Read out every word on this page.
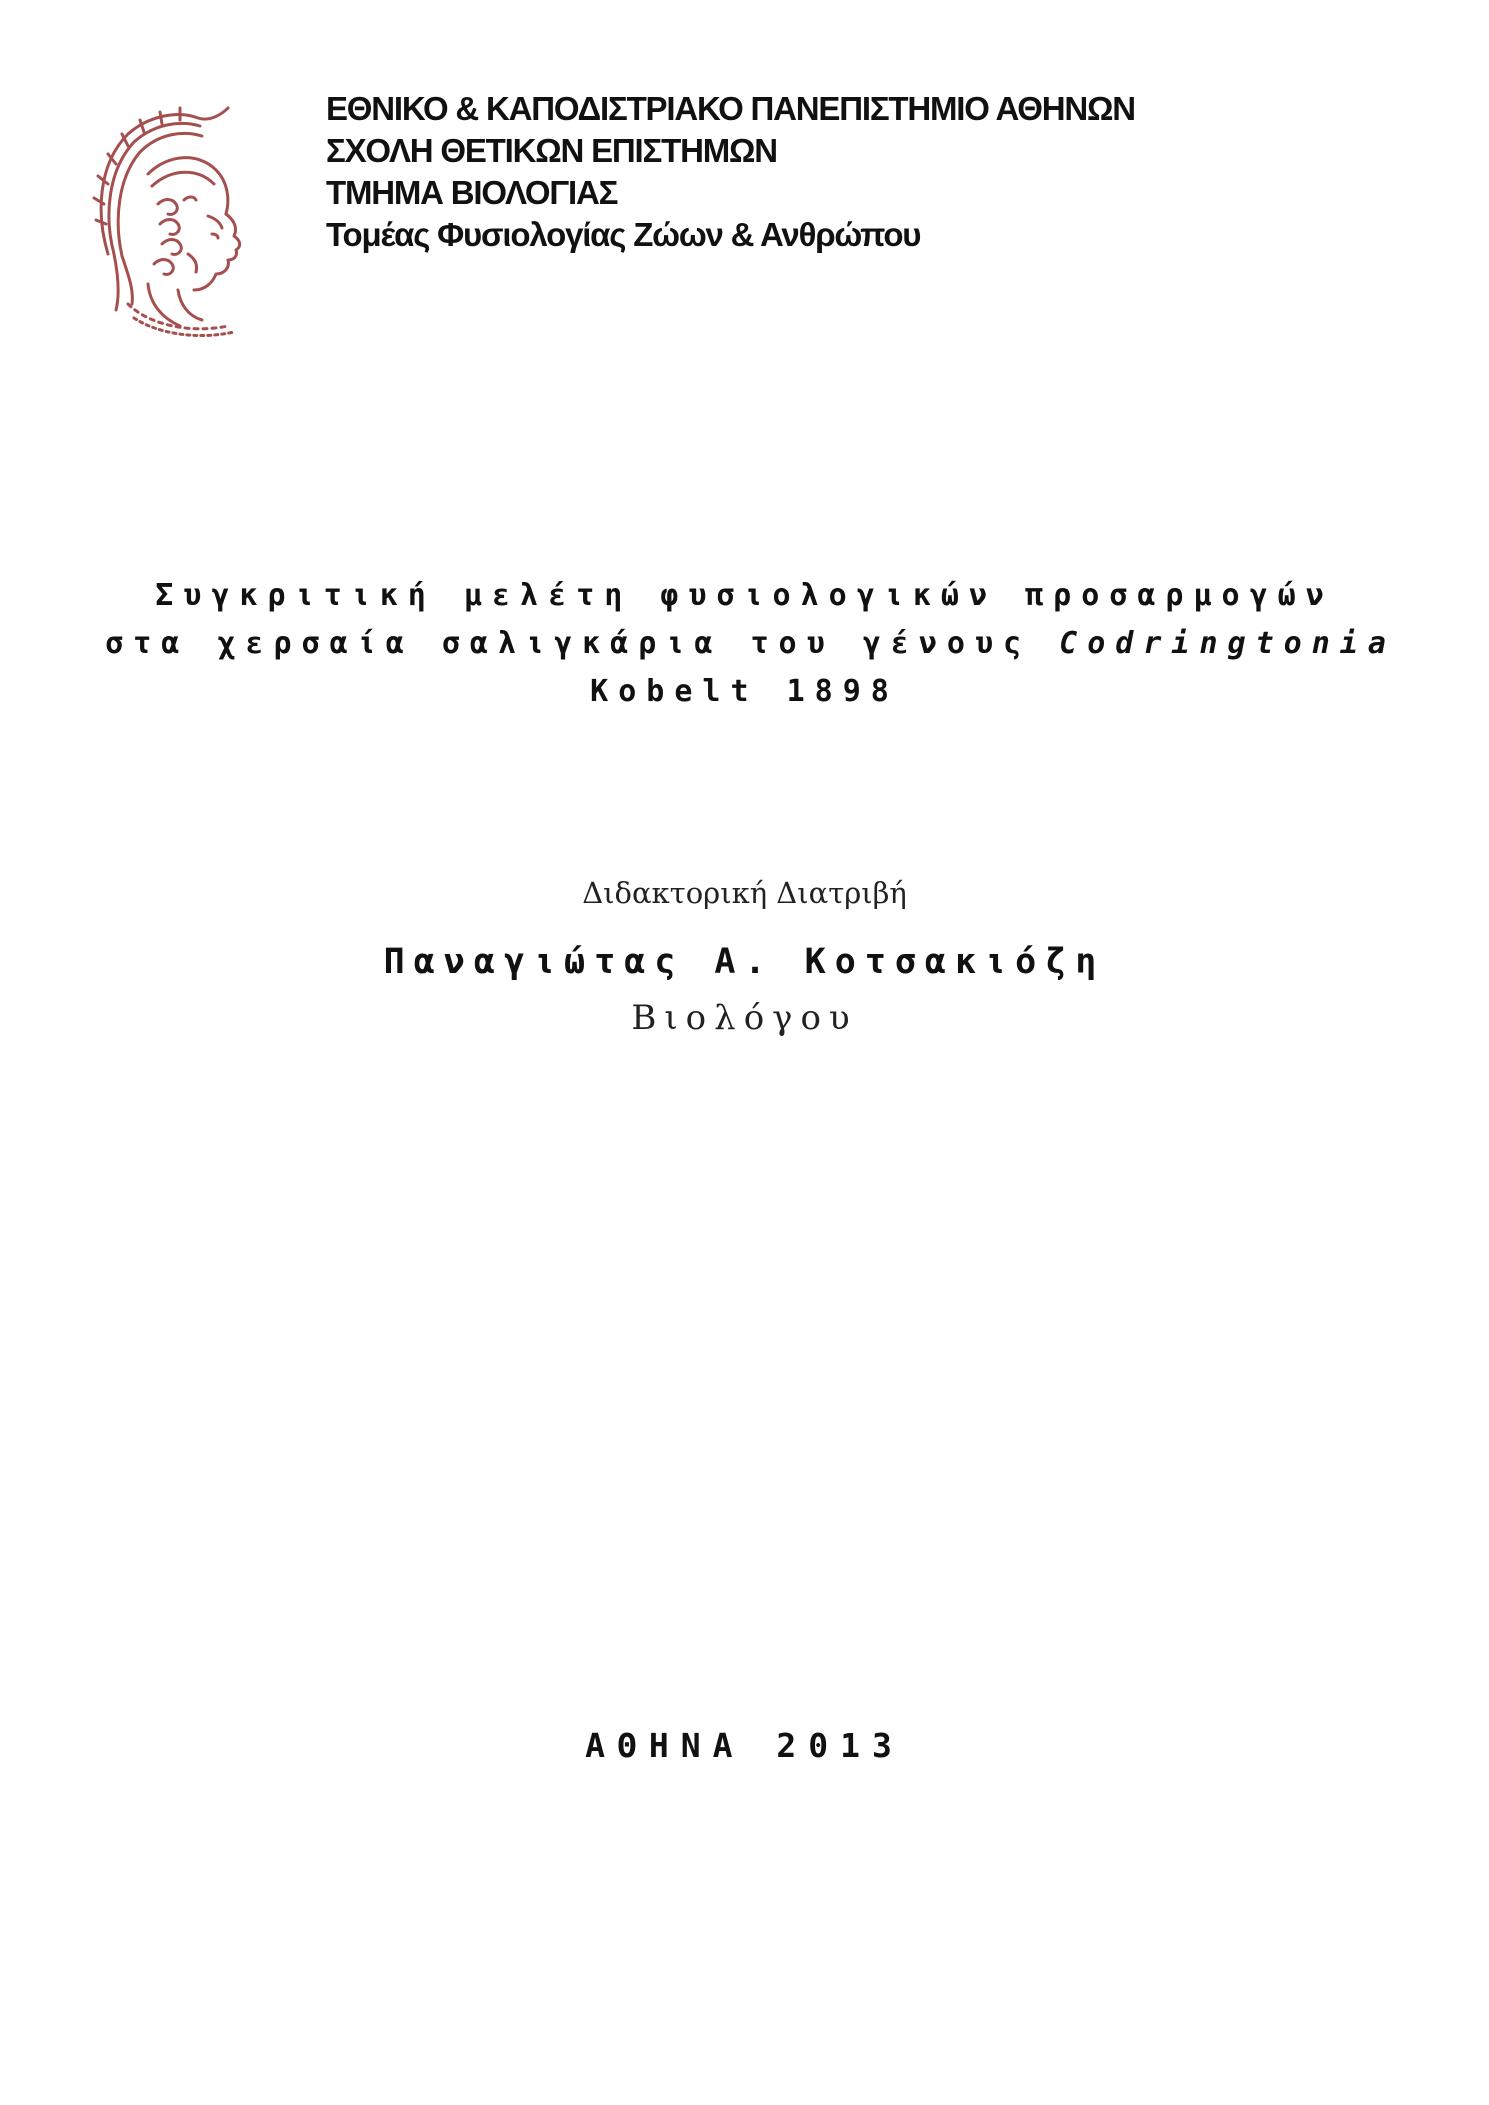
ΕΘΝΙΚΟ & ΚΑΠΟΔΙΣΤΡΙΑΚΟ ΠΑΝΕΠΙΣΤΗΜΙΟ ΑΘΗΝΩΝ
ΣΧΟΛΗ ΘΕΤΙΚΩΝ ΕΠΙΣΤΗΜΩΝ
ΤΜΗΜΑ ΒΙΟΛΟΓΙΑΣ
Τομέας Φυσιολογίας Ζώων & Ανθρώπου
Συγκριτική μελέτη φυσιολογικών προσαρμογών
στα χερσαία σαλιγκάρια του γένους Codringtonia
Kobelt 1898
Διδακτορική Διατριβή
Παναγιώτας Α. Κοτσακιόζη
Βιολόγου
ΑΘΗΝΑ 2013
